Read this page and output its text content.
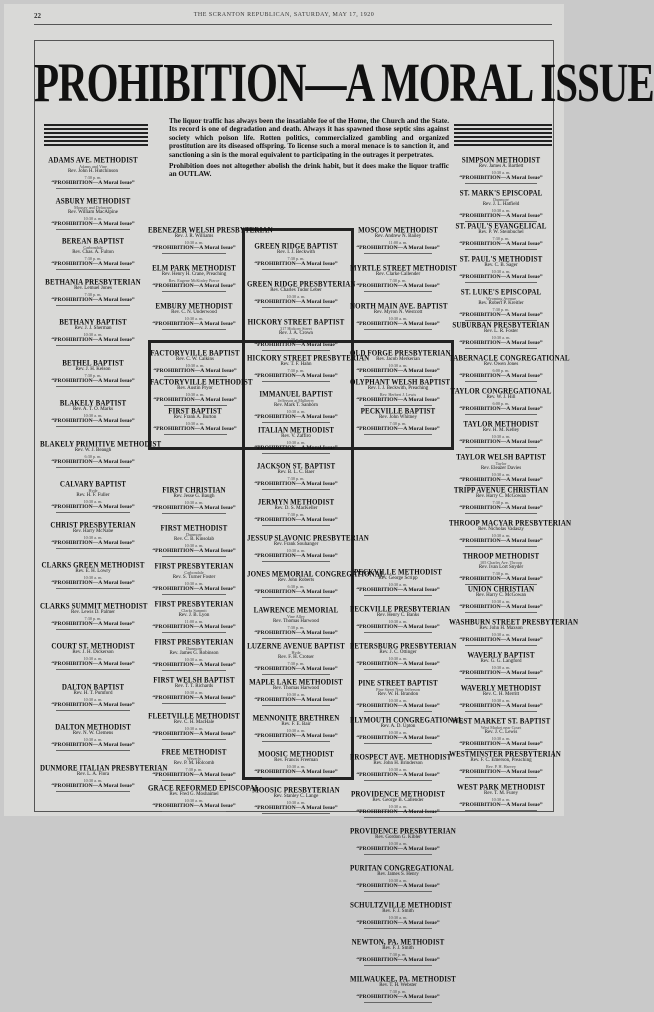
22	THE SCRANTON REPUBLICAN, SATURDAY, MAY 17, 1920
PROHIBITION—A MORAL ISSUE

The liquor traffic has always been the insatiable foe of the Home, the Church and the State. Its record is one of degradation and death. Always it has spawned those septic sins against society which poison life. Rotten politics, commercialized gambling and organized prostitution are its diseased offspring. To license such a moral menace is to sanction it, and sanctioning a sin is the moral equivalent to participating in the outrages it perpetrates.

Prohibition does not altogether abolish the drink habit, but it does make the liquor traffic an OUTLAW.

ADAMS AVE. METHODIST
Adams and Vine
Rev. John H. Hutchinson
7:30 p. m.
“PROHIBITION—A Moral Issue”
ASBURY METHODIST
Mousey and Delaware
Rev. William MacAlpine
10:30 a. m.
“PROHIBITION—A Moral Issue”
BEREAN BAPTIST
Carbondale
Rev. Chas. A. Fulton
7:30 p. m.
“PROHIBITION—A Moral Issue”
BETHANIA PRESBYTERIAN
Rev. Lemuel Jones
7:30 p. m.
“PROHIBITION—A Moral Issue”
BETHANY BAPTIST
Rev. J. J. Sherman
10:30 a. m.
“PROHIBITION—A Moral Issue”
BETHEL BAPTIST
Rev. J. H. Kelson
7:30 p. m.
“PROHIBITION—A Moral Issue”
BLAKELY BAPTIST
Rev. A. T. O. Marks
10:30 a. m.
“PROHIBITION—A Moral Issue”
BLAKELY PRIMITIVE METHODIST
Rev. W. J. Beaugh
6:30 p. m.
“PROHIBITION—A Moral Issue”
CALVARY BAPTIST
Hyde
Rev. H. F. Fuller
10:30 a. m.
“PROHIBITION—A Moral Issue”
CHRIST PRESBYTERIAN
Rev. Harry McNabe
10:30 a. m.
“PROHIBITION—A Moral Issue”
CLARKS GREEN METHODIST
Rev. E. H. Lowry
10:30 a. m.
“PROHIBITION—A Moral Issue”
CLARKS SUMMIT METHODIST
Rev. Lewis D. Palmer
7:30 p. m.
“PROHIBITION—A Moral Issue”
COURT ST. METHODIST
Rev. J. H. Dickerson
10:30 a. m.
“PROHIBITION—A Moral Issue”
DALTON BAPTIST
Rev. H. T. Pumford
10:30 a. m.
“PROHIBITION—A Moral Issue”
DALTON METHODIST
Rev. N. W. Clemens
10:30 a. m.
“PROHIBITION—A Moral Issue”
DUNMORE ITALIAN PRESBYTERIAN
Rev. L. A. Flora
10:30 a. m.
“PROHIBITION—A Moral Issue”
EBENEZER WELSH PRESBYTERIAN
Rev. J. R. Williams
10:30 a. m.
“PROHIBITION—A Moral Issue”
ELM PARK METHODIST
Rev. Henry H. Crane, Preaching
Rev. Eugene McKinley Pierce
“PROHIBITION—A Moral Issue”
EMBURY METHODIST
Rev. C. N. Underwood
10:30 a. m.
“PROHIBITION—A Moral Issue”
FIRST CHRISTIAN
Rev. Jesse G. Baugh
10:30 a. m.
“PROHIBITION—A Moral Issue”
FIRST METHODIST
Dunmore
Rev. C. B. Kinsolab
10:30 a. m.
“PROHIBITION—A Moral Issue”
FIRST PRESBYTERIAN
Carbondale
Rev. S. Turner Foster
10:30 a. m.
“PROHIBITION—A Moral Issue”
FIRST PRESBYTERIAN
Clarks Summit
Rev. J. B. Lyon
11:00 a. m.
“PROHIBITION—A Moral Issue”
FIRST PRESBYTERIAN
Dunmore
Rev. James G. Robinson
10:30 a. m.
“PROHIBITION—A Moral Issue”
FIRST WELSH BAPTIST
Rev. T. T. Richards
10:30 a. m.
“PROHIBITION—A Moral Issue”
FLEETVILLE METHODIST
Rev. C. H. MacHale
10:30 a. m.
“PROHIBITION—A Moral Issue”
FREE METHODIST
Waverly
Rev. P. M. Holcomb
7:30 p. m.
“PROHIBITION—A Moral Issue”
GRACE REFORMED EPISCOPAL
Rev. Fred G. Moshaimel
10:30 a. m.
“PROHIBITION—A Moral Issue”
FACTORYVILLE BAPTIST
Rev. C. W. Calkins
10:30 a. m.
“PROHIBITION—A Moral Issue”
FACTORYVILLE METHODIST
Rev. Austin Pryor
10:30 a. m.
“PROHIBITION—A Moral Issue”
FIRST BAPTIST
Rev. Frank A. Burton
10:30 a. m.
“PROHIBITION—A Moral Issue”
GREEN RIDGE BAPTIST
Rev. I. J. Beckwith
7:30 p. m.
“PROHIBITION—A Moral Issue”
GREEN RIDGE PRESBYTERIAN
Rev. Charles Tudor Leber
10:30 a. m.
“PROHIBITION—A Moral Issue”
HICKORY STREET BAPTIST
317 Hickory Street
Rev. J. A. Crown
7:30 p. m.
“PROHIBITION—A Moral Issue”
HICKORY STREET PRESBYTERIAN
Rev. T. F. Hahn
7:30 p. m.
“PROHIBITION—A Moral Issue”
IMMANUEL BAPTIST
Jefferson at Mulberry
Rev. Mark T. Sanborn
10:30 a. m.
“PROHIBITION—A Moral Issue”
ITALIAN METHODIST
Rev. V. Zaffiro
10:30 a. m.
“PROHIBITION—A Moral Issue”
JACKSON ST. BAPTIST
Rev. B. L. C. Baer
7:30 p. m.
“PROHIBITION—A Moral Issue”
JERMYN METHODIST
Rev. D. S. MacKeller
7:30 p. m.
“PROHIBITION—A Moral Issue”
JESSUP SLAVONIC PRESBYTERIAN
Rev. Frank Souhanger
10:30 a. m.
“PROHIBITION—A Moral Issue”
JONES MEMORIAL CONGREGATIONAL
Rev. John Roberts
6:30 p. m.
“PROHIBITION—A Moral Issue”
LAWRENCE MEMORIAL
Vine Alley
Rev. Thomas Harwood
7:30 p. m.
“PROHIBITION—A Moral Issue”
LUZERNE AVENUE BAPTIST
Hyde
Rev. F. H. Crotser
7:30 p. m.
“PROHIBITION—A Moral Issue”
MAPLE LAKE METHODIST
Rev. Thomas Harwood
10:30 a. m.
“PROHIBITION—A Moral Issue”
MENNONITE BRETHREN
Rev. F. E. Bair
10:30 a. m.
“PROHIBITION—A Moral Issue”
MOOSIC METHODIST
Rev. Francis Freeman
10:30 a. m.
“PROHIBITION—A Moral Issue”
MOOSIC PRESBYTERIAN
Rev. Stanley C. Lange
10:30 a. m.
“PROHIBITION—A Moral Issue”
OLD FORGE PRESBYTERIAN
Rev. Jacob Merkerian
10:30 a. m.
“PROHIBITION—A Moral Issue”
OLYPHANT WELSH BAPTIST
Rev. I. J. Beckwith, Preaching
Rev. Herbert J. Lewis
“PROHIBITION—A Moral Issue”
PECKVILLE BAPTIST
Rev. John Whitney
7:30 p. m.
“PROHIBITION—A Moral Issue”
MOSCOW METHODIST
Rev. Andrew N. Bailey
11:00 a. m.
“PROHIBITION—A Moral Issue”
MYRTLE STREET METHODIST
Rev. Clarke Callender
7:30 p. m.
“PROHIBITION—A Moral Issue”
NORTH MAIN AVE. BAPTIST
Rev. Myron N. Westcott
10:30 a. m.
“PROHIBITION—A Moral Issue”
PECKVILLE METHODIST
Rev. George Scripp
10:30 a. m.
“PROHIBITION—A Moral Issue”
PECKVILLE PRESBYTERIAN
Rev. Henry C. Banks
10:30 a. m.
“PROHIBITION—A Moral Issue”
PETERSBURG PRESBYTERIAN
Rev. J. C. Ottinger
10:30 a. m.
“PROHIBITION—A Moral Issue”
PINE STREET BAPTIST
Pine Street Near Jefferson
Rev. W. H. Brandon
10:30 a. m.
“PROHIBITION—A Moral Issue”
PLYMOUTH CONGREGATIONAL
Rev. A. D. Upton
10:30 a. m.
“PROHIBITION—A Moral Issue”
PROSPECT AVE. METHODIST
Rev. John H. Brinderson
10:30 a. m.
“PROHIBITION—A Moral Issue”
PROVIDENCE METHODIST
Rev. George B. Callender
10:30 a. m.
“PROHIBITION—A Moral Issue”
PROVIDENCE PRESBYTERIAN
Rev. Gordon G. Kibler
10:30 a. m.
“PROHIBITION—A Moral Issue”
PURITAN CONGREGATIONAL
Rev. James S. Henry
10:30 a. m.
“PROHIBITION—A Moral Issue”
SCHULTZVILLE METHODIST
Rev. F. J. Smith
10:30 a. m.
“PROHIBITION—A Moral Issue”
NEWTON, PA. METHODIST
Rev. F. J. Smith
7:30 p. m.
“PROHIBITION—A Moral Issue”
MILWAUKEE, PA. METHODIST
Rev. T. H. Webster
7:30 p. m.
“PROHIBITION—A Moral Issue”
SIMPSON METHODIST
Rev. James A. Bartlett
10:30 a. m.
“PROHIBITION—A Moral Issue”
ST. MARK'S EPISCOPAL
Dunmore
Rev. J. L. Hatfield
10:30 a. m.
“PROHIBITION—A Moral Issue”
ST. PAUL'S EVANGELICAL
Rev. P. W. Steinbuchel
7:30 p. m.
“PROHIBITION—A Moral Issue”
ST. PAUL'S METHODIST
Rev. C. B. Sager
10:30 a. m.
“PROHIBITION—A Moral Issue”
ST. LUKE'S EPISCOPAL
Wyoming Avenue
Rev. Robert P. Kreitler
7:30 p. m.
“PROHIBITION—A Moral Issue”
SUBURBAN PRESBYTERIAN
Rev. L. R. Foster
10:30 a. m.
“PROHIBITION—A Moral Issue”
TABERNACLE CONGREGATIONAL
Rev. Owen Jones
6:00 p. m.
“PROHIBITION—A Moral Issue”
TAYLOR CONGREGATIONAL
Rev. W. J. Hill
6:00 p. m.
“PROHIBITION—A Moral Issue”
TAYLOR METHODIST
Rev. H. M. Kelley
10:30 a. m.
“PROHIBITION—A Moral Issue”
TAYLOR WELSH BAPTIST
Taylor
Rev. Eleazer Davies
10:30 a. m.
“PROHIBITION—A Moral Issue”
TRIPP AVENUE CHRISTIAN
Rev. Harry C. McGowan
7:30 p. m.
“PROHIBITION—A Moral Issue”
THROOP MACYAR PRESBYTERIAN
Rev. Nicholas Vadaszy
10:30 a. m.
“PROHIBITION—A Moral Issue”
THROOP METHODIST
105 Charles Ave. Throop
Rev. Ivan Lort Snyder
7:30 p. m.
“PROHIBITION—A Moral Issue”
UNION CHRISTIAN
Rev. Harry C. McGowan
10:30 a. m.
“PROHIBITION—A Moral Issue”
WASHBURN STREET PRESBYTERIAN
Rev. John H. Maxson
10:30 a. m.
“PROHIBITION—A Moral Issue”
WAVERLY BAPTIST
Rev. G. G. Langford
10:30 a. m.
“PROHIBITION—A Moral Issue”
WAVERLY METHODIST
Rev. C. H. Merritt
10:30 a. m.
“PROHIBITION—A Moral Issue”
WEST MARKET ST. BAPTIST
West Market near Court
Rev. J. C. Lewis
10:30 a. m.
“PROHIBITION—A Moral Issue”
WESTMINSTER PRESBYTERIAN
Rev. F. C. Emerson, Preaching
Rev. P. H. Harvey
“PROHIBITION—A Moral Issue”
WEST PARK METHODIST
Rev. T. M. Furey
10:30 a. m.
“PROHIBITION—A Moral Issue”
